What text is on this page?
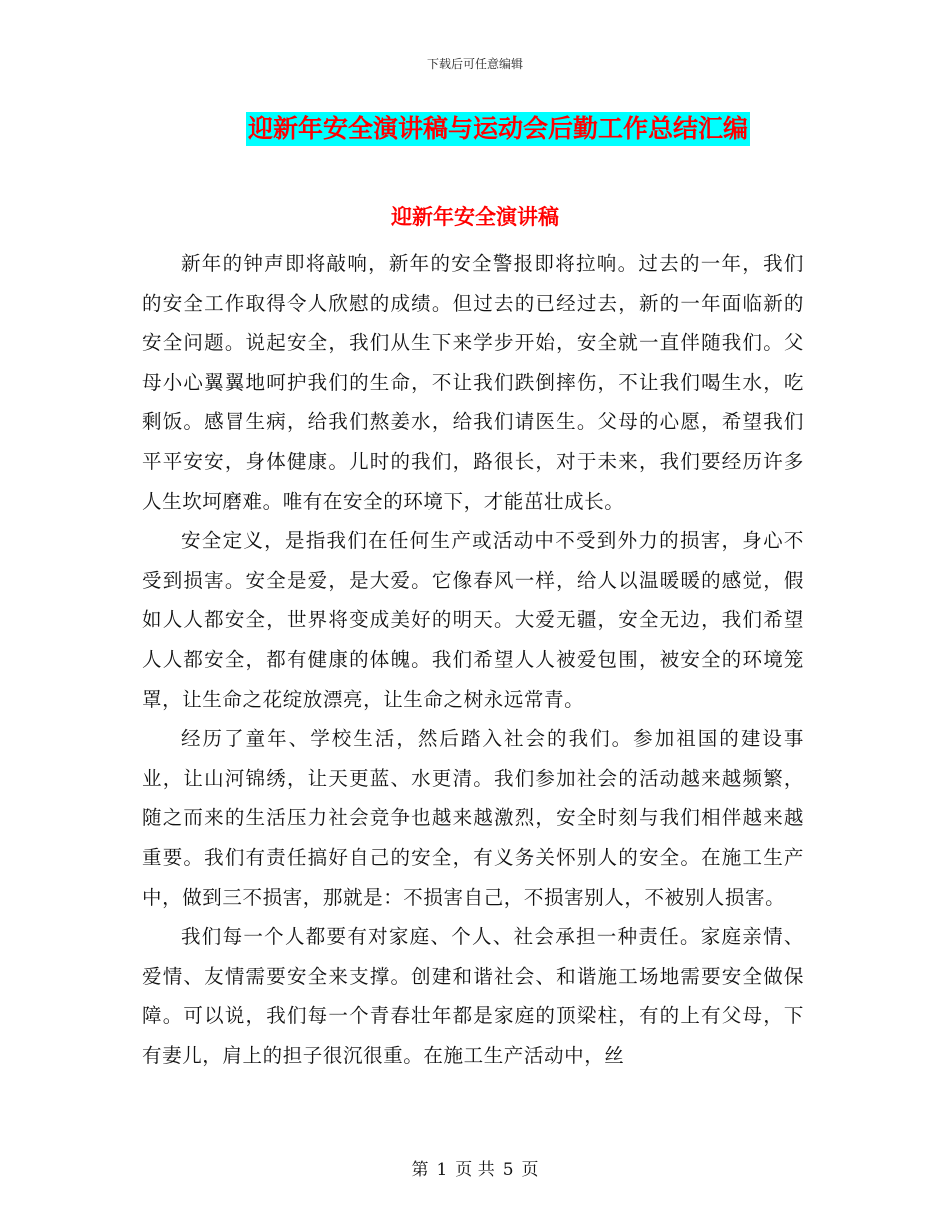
下载后可任意编辑
迎新年安全演讲稿与运动会后勤工作总结汇编
迎新年安全演讲稿

新年的钟声即将敲响，新年的安全警报即将拉响。过去的一年，我们的安全工作取得令人欣慰的成绩。但过去的已经过去，新的一年面临新的安全问题。说起安全，我们从生下来学步开始，安全就一直伴随我们。父母小心翼翼地呵护我们的生命，不让我们跌倒摔伤，不让我们喝生水，吃剩饭。感冒生病，给我们熬姜水，给我们请医生。父母的心愿，希望我们平平安安，身体健康。儿时的我们，路很长，对于未来，我们要经历许多人生坎坷磨难。唯有在安全的环境下，才能茁壮成长。

安全定义，是指我们在任何生产或活动中不受到外力的损害，身心不受到损害。安全是爱，是大爱。它像春风一样，给人以温暖暖的感觉，假如人人都安全，世界将变成美好的明天。大爱无疆，安全无边，我们希望人人都安全，都有健康的体魄。我们希望人人被爱包围，被安全的环境笼罩，让生命之花绽放漂亮，让生命之树永远常青。

经历了童年、学校生活，然后踏入社会的我们。参加祖国的建设事业，让山河锦绣，让天更蓝、水更清。我们参加社会的活动越来越频繁，随之而来的生活压力社会竞争也越来越激烈，安全时刻与我们相伴越来越重要。我们有责任搞好自己的安全，有义务关怀别人的安全。在施工生产中，做到三不损害，那就是：不损害自己，不损害别人，不被别人损害。

我们每一个人都要有对家庭、个人、社会承担一种责任。家庭亲情、爱情、友情需要安全来支撑。创建和谐社会、和谐施工场地需要安全做保障。可以说，我们每一个青春壮年都是家庭的顶梁柱，有的上有父母，下有妻儿，肩上的担子很沉很重。在施工生产活动中，丝

第 1 页 共 5 页
